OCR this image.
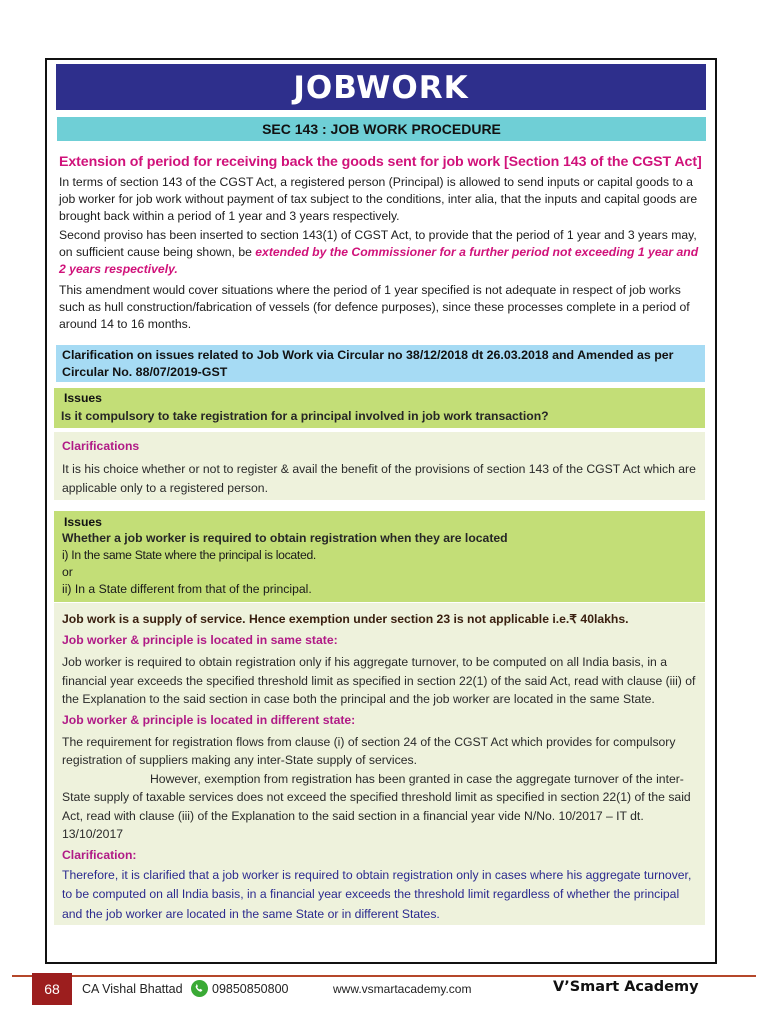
JOBWORK
SEC 143 : JOB WORK PROCEDURE
Extension of period for receiving back the goods sent for job work [Section 143 of the CGST Act]
In terms of section 143 of the CGST Act, a registered person (Principal) is allowed to send inputs or capital goods to a job worker for job work without payment of tax subject to the conditions, inter alia, that the inputs and capital goods are brought back within a period of 1 year and 3 years respectively.
Second proviso has been inserted to section 143(1) of CGST Act, to provide that the period of 1 year and 3 years may, on sufficient cause being shown, be extended by the Commissioner for a further period not exceeding 1 year and 2 years respectively.
This amendment would cover situations where the period of 1 year specified is not adequate in respect of job works such as hull construction/fabrication of vessels (for defence purposes), since these processes complete in a period of around 14 to 16 months.
Clarification on issues related to Job Work via Circular no 38/12/2018 dt 26.03.2018 and Amended as per Circular No. 88/07/2019-GST
Issues
Is it compulsory to take registration for a principal involved in job work transaction?
Clarifications
It is his choice whether or not to register & avail the benefit of the provisions of section 143 of the CGST Act which are applicable only to a registered person.
Issues
Whether a job worker is required to obtain registration when they are located
i) In the same State where the principal is located.
or
ii) In a State different from that of the principal.
Job work is a supply of service. Hence exemption under section 23 is not applicable i.e.₹ 40lakhs.
Job worker & principle is located in same state:
Job worker is required to obtain registration only if his aggregate turnover, to be computed on all India basis, in a financial year exceeds the specified threshold limit as specified in section 22(1) of the said Act, read with clause (iii) of the Explanation to the said section in case both the principal and the job worker are located in the same State.
Job worker & principle is located in different state:
The requirement for registration flows from clause (i) of section 24 of the CGST Act which provides for compulsory registration of suppliers making any inter-State supply of services.
However, exemption from registration has been granted in case the aggregate turnover of the inter-State supply of taxable services does not exceed the specified threshold limit as specified in section 22(1) of the said Act, read with clause (iii) of the Explanation to the said section in a financial year vide N/No. 10/2017 – IT dt. 13/10/2017
Clarification:
Therefore, it is clarified that a job worker is required to obtain registration only in cases where his aggregate turnover, to be computed on all India basis, in a financial year exceeds the threshold limit regardless of whether the principal and the job worker are located in the same State or in different States.
68	CA Vishal Bhattad 09850850800	www.vsmartacademy.com	V’Smart Academy
